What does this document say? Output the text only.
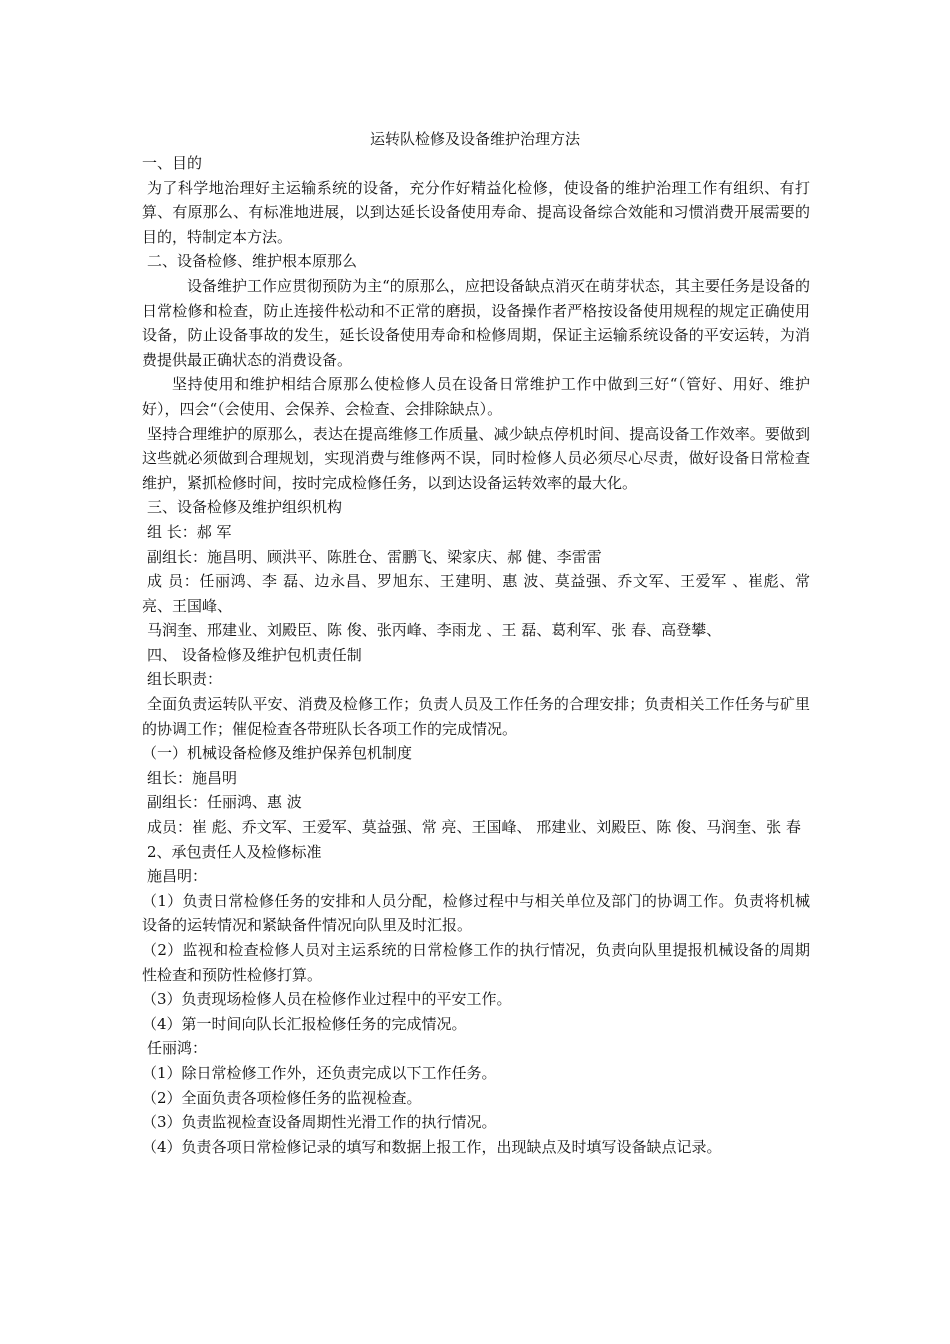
运转队检修及设备维护治理方法

一、目的

为了科学地治理好主运输系统的设备，充分作好精益化检修，使设备的维护治理工作有组织、有打算、有原那么、有标准地进展，以到达延长设备使用寿命、提高设备综合效能和习惯消费开展需要的目的，特制定本方法。

二、设备检修、维护根本原那么

设备维护工作应贯彻预防为主“的原那么，应把设备缺点消灭在萌芽状态，其主要任务是设备的日常检修和检查，防止连接件松动和不正常的磨损，设备操作者严格按设备使用规程的规定正确使用设备，防止设备事故的发生，延长设备使用寿命和检修周期，保证主运输系统设备的平安运转，为消费提供最正确状态的消费设备。

坚持使用和维护相结合原那么使检修人员在设备日常维护工作中做到三好“（管好、用好、维护好），四会“（会使用、会保养、会检查、会排除缺点）。

坚持合理维护的原那么，表达在提高维修工作质量、减少缺点停机时间、提高设备工作效率。要做到这些就必须做到合理规划，实现消费与维修两不误，同时检修人员必须尽心尽责，做好设备日常检查维护，紧抓检修时间，按时完成检修任务，以到达设备运转效率的最大化。

三、设备检修及维护组织机构

组 长：郝 军

副组长：施昌明、顾洪平、陈胜仓、雷鹏飞、梁家庆、郝 健、李雷雷

成 员：任丽鸿、李 磊、边永昌、罗旭东、王建明、惠 波、莫益强、乔文军、王爱军 、崔彪、常 亮、王国峰、

马润奎、邢建业、刘殿臣、陈 俊、张丙峰、李雨龙 、王 磊、葛利军、张 春、高登攀、

四、 设备检修及维护包机责任制

组长职责：

全面负责运转队平安、消费及检修工作；负责人员及工作任务的合理安排；负责相关工作任务与矿里的协调工作；催促检查各带班队长各项工作的完成情况。

（一）机械设备检修及维护保养包机制度

组长：施昌明

副组长：任丽鸿、惠 波

成员：崔 彪、乔文军、王爱军、莫益强、常 亮、王国峰、 邢建业、刘殿臣、陈 俊、马润奎、张 春

2、承包责任人及检修标准

施昌明：

（1）负责日常检修任务的安排和人员分配，检修过程中与相关单位及部门的协调工作。负责将机械设备的运转情况和紧缺备件情况向队里及时汇报。

（2）监视和检查检修人员对主运系统的日常检修工作的执行情况，负责向队里提报机械设备的周期性检查和预防性检修打算。

（3）负责现场检修人员在检修作业过程中的平安工作。

（4）第一时间向队长汇报检修任务的完成情况。

任丽鸿：

（1）除日常检修工作外，还负责完成以下工作任务。

（2）全面负责各项检修任务的监视检查。

（3）负责监视检查设备周期性光滑工作的执行情况。

（4）负责各项日常检修记录的填写和数据上报工作，出现缺点及时填写设备缺点记录。
